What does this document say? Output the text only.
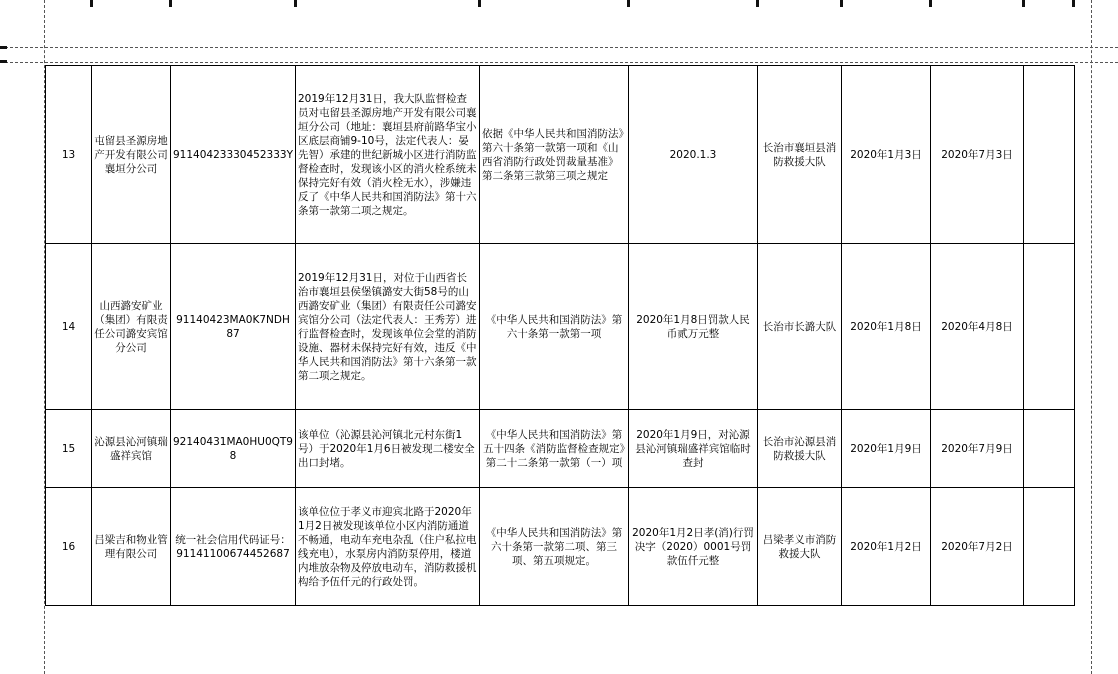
13	屯留县圣源房地产开发有限公司襄垣分公司	91140423330452333Y	2019年12月31日，我大队监督检查员对屯留县圣源房地产开发有限公司襄垣分公司（地址：襄垣县府前路华宝小区底层商铺9-10号，法定代表人：晏先智）承建的世纪新城小区进行消防监督检查时，发现该小区的消火栓系统未保持完好有效（消火栓无水），涉嫌违反了《中华人民共和国消防法》第十六条第一款第二项之规定。	依据《中华人民共和国消防法》第六十条第一款第一项和《山西省消防行政处罚裁量基准》第二条第三款第三项之规定	2020.1.3	长治市襄垣县消防救援大队	2020年1月3日	2020年7月3日	
14	山西潞安矿业（集团）有限责任公司潞安宾馆分公司	91140423MA0K7NDH87	2019年12月31日，对位于山西省长治市襄垣县侯堡镇潞安大街58号的山西潞安矿业（集团）有限责任公司潞安宾馆分公司（法定代表人：王秀芳）进行监督检查时，发现该单位会堂的消防设施、器材未保持完好有效，违反《中华人民共和国消防法》第十六条第一款第二项之规定。	《中华人民共和国消防法》第六十条第一款第一项	2020年1月8日罚款人民币贰万元整	长治市长潞大队	2020年1月8日	2020年4月8日	
15	沁源县沁河镇瑞盛祥宾馆	92140431MA0HU0QT98	该单位（沁源县沁河镇北元村东街1号）于2020年1月6日被发现二楼安全出口封堵。	《中华人民共和国消防法》第五十四条《消防监督检查规定》第二十二条第一款第（一）项	2020年1月9日，对沁源县沁河镇瑞盛祥宾馆临时查封	长治市沁源县消防救援大队	2020年1月9日	2020年7月9日	
16	吕梁吉和物业管理有限公司	统一社会信用代码证号：91141100674452687	该单位位于孝义市迎宾北路于2020年1月2日被发现该单位小区内消防通道不畅通，电动车充电杂乱（住户私拉电线充电），水泵房内消防泵停用，楼道内堆放杂物及停放电动车，消防救援机构给予伍仟元的行政处罚。	《中华人民共和国消防法》第六十条第一款第二项、第三项、第五项规定。	2020年1月2日孝(消)行罚决字（2020）0001号罚款伍仟元整	吕梁孝义市消防救援大队	2020年1月2日	2020年7月2日	
